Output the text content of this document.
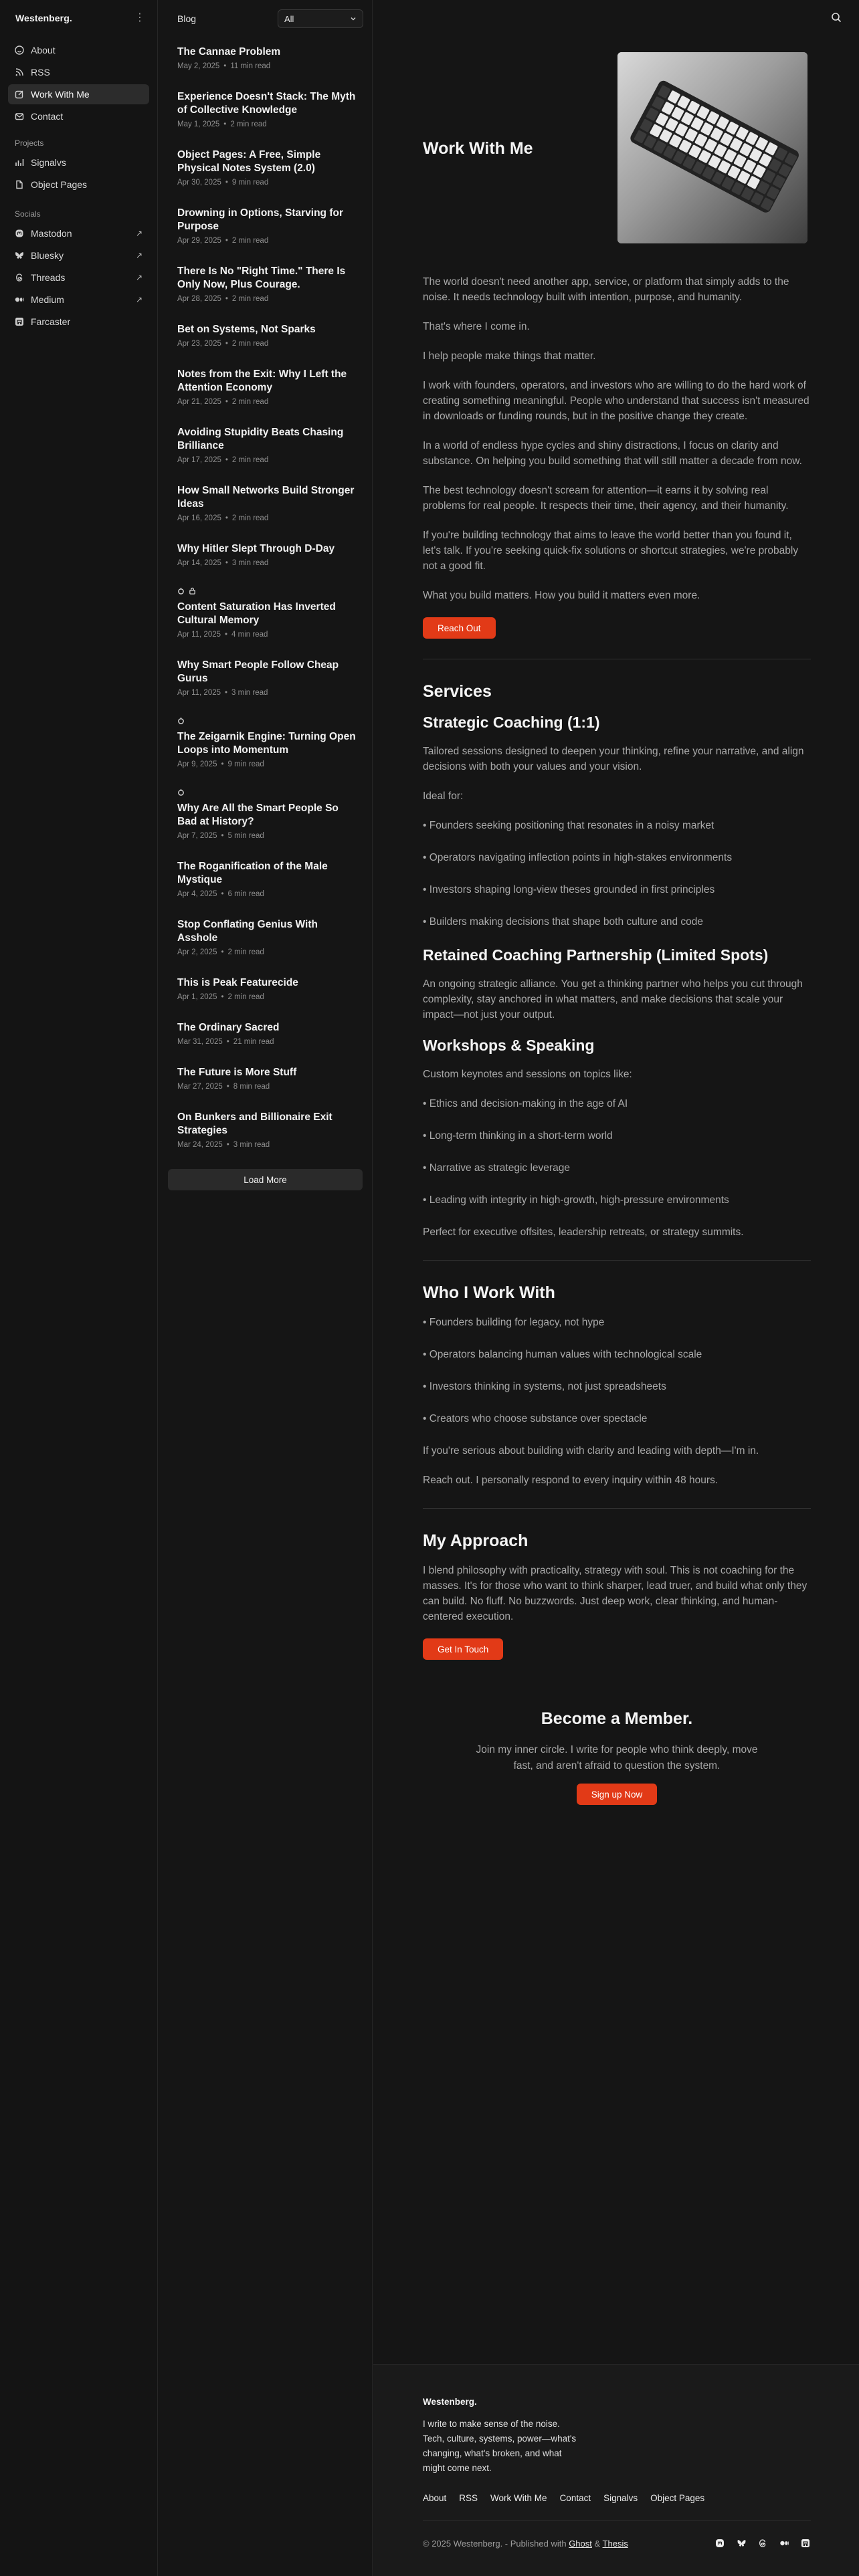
Westenberg.	⋮
About
RSS
Work With Me
Contact
Projects
Signalvs
Object Pages
Socials
Mastodon	↗
Bluesky	↗
Threads	↗
Medium	↗
Farcaster
Blog	All
The Cannae Problem
May 2, 2025 • 11 min read
Experience Doesn't Stack: The Myth of Collective Knowledge
May 1, 2025 • 2 min read
Object Pages: A Free, Simple Physical Notes System (2.0)
Apr 30, 2025 • 9 min read
Drowning in Options, Starving for Purpose
Apr 29, 2025 • 2 min read
There Is No "Right Time." There Is Only Now, Plus Courage.
Apr 28, 2025 • 2 min read
Bet on Systems, Not Sparks
Apr 23, 2025 • 2 min read
Notes from the Exit: Why I Left the Attention Economy
Apr 21, 2025 • 2 min read
Avoiding Stupidity Beats Chasing Brilliance
Apr 17, 2025 • 2 min read
How Small Networks Build Stronger Ideas
Apr 16, 2025 • 2 min read
Why Hitler Slept Through D-Day
Apr 14, 2025 • 3 min read
Content Saturation Has Inverted Cultural Memory
Apr 11, 2025 • 4 min read
Why Smart People Follow Cheap Gurus
Apr 11, 2025 • 3 min read
The Zeigarnik Engine: Turning Open Loops into Momentum
Apr 9, 2025 • 9 min read
Why Are All the Smart People So Bad at History?
Apr 7, 2025 • 5 min read
The Roganification of the Male Mystique
Apr 4, 2025 • 6 min read
Stop Conflating Genius With Asshole
Apr 2, 2025 • 2 min read
This is Peak Featurecide
Apr 1, 2025 • 2 min read
The Ordinary Sacred
Mar 31, 2025 • 21 min read
The Future is More Stuff
Mar 27, 2025 • 8 min read
On Bunkers and Billionaire Exit Strategies
Mar 24, 2025 • 3 min read
Load More
Work With Me

The world doesn't need another app, service, or platform that simply adds to the noise. It needs technology built with intention, purpose, and humanity.

That's where I come in.

I help people make things that matter.

I work with founders, operators, and investors who are willing to do the hard work of creating something meaningful. People who understand that success isn't measured in downloads or funding rounds, but in the positive change they create.

In a world of endless hype cycles and shiny distractions, I focus on clarity and substance. On helping you build something that will still matter a decade from now.

The best technology doesn't scream for attention—it earns it by solving real problems for real people. It respects their time, their agency, and their humanity.

If you're building technology that aims to leave the world better than you found it, let's talk. If you're seeking quick-fix solutions or shortcut strategies, we're probably not a good fit.

What you build matters. How you build it matters even more.

Reach Out
Services
Strategic Coaching (1:1)

Tailored sessions designed to deepen your thinking, refine your narrative, and align decisions with both your values and your vision.

Ideal for:

• Founders seeking positioning that resonates in a noisy market

• Operators navigating inflection points in high-stakes environments

• Investors shaping long-view theses grounded in first principles

• Builders making decisions that shape both culture and code

Retained Coaching Partnership (Limited Spots)

An ongoing strategic alliance. You get a thinking partner who helps you cut through complexity, stay anchored in what matters, and make decisions that scale your impact—not just your output.

Workshops & Speaking

Custom keynotes and sessions on topics like:

• Ethics and decision-making in the age of AI

• Long-term thinking in a short-term world

• Narrative as strategic leverage

• Leading with integrity in high-growth, high-pressure environments

Perfect for executive offsites, leadership retreats, or strategy summits.

Who I Work With

• Founders building for legacy, not hype

• Operators balancing human values with technological scale

• Investors thinking in systems, not just spreadsheets

• Creators who choose substance over spectacle

If you're serious about building with clarity and leading with depth—I'm in.

Reach out. I personally respond to every inquiry within 48 hours.

My Approach

I blend philosophy with practicality, strategy with soul. This is not coaching for the masses. It's for those who want to think sharper, lead truer, and build what only they can build. No fluff. No buzzwords. Just deep work, clear thinking, and human-centered execution.

Get In Touch
Become a Member.

Join my inner circle. I write for people who think deeply, move fast, and aren't afraid to question the system.

Sign up Now
Westenberg.
I write to make sense of the noise. Tech, culture, systems, power—what's changing, what's broken, and what might come next.
About RSS Work With Me Contact Signalvs Object Pages
© 2025 Westenberg. - Published with Ghost & Thesis
